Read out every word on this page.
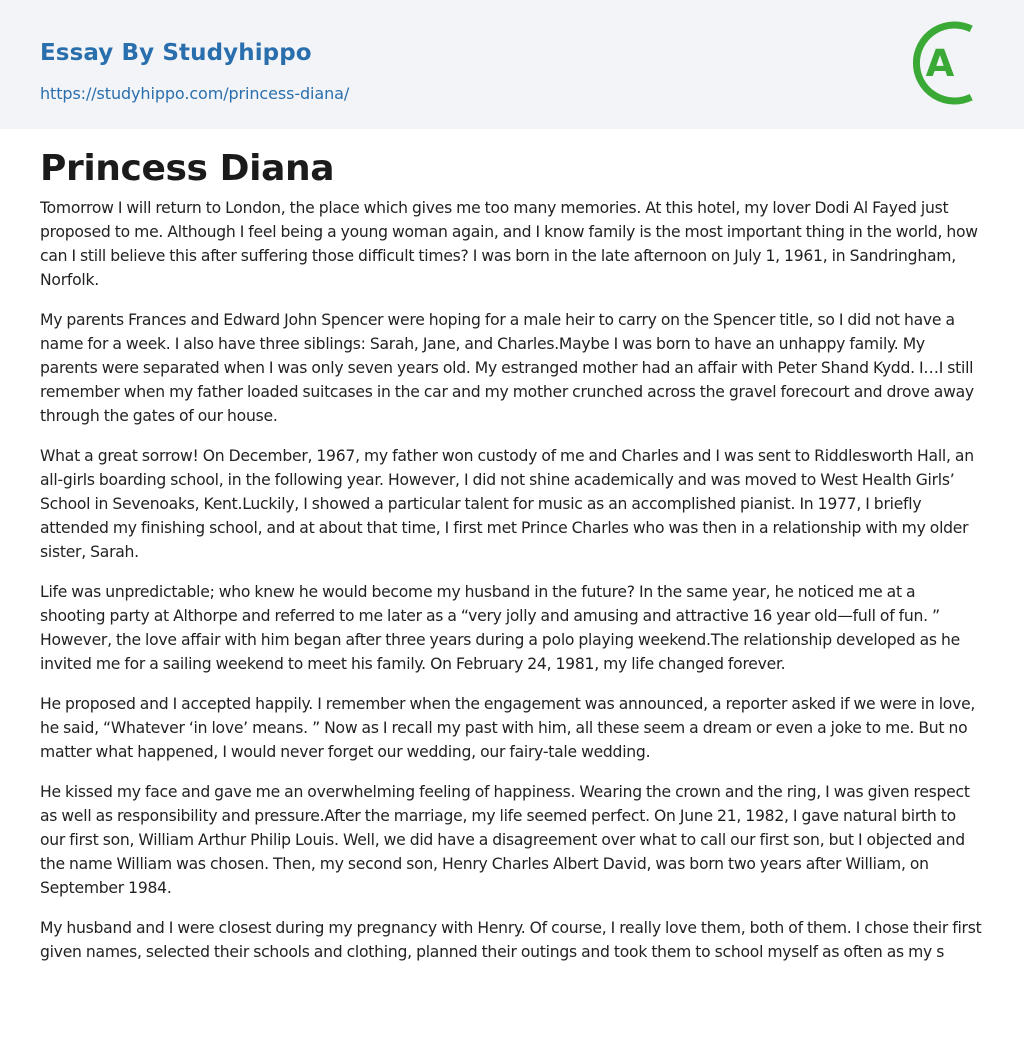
Essay By Studyhippo
https://studyhippo.com/princess-diana/
A
Princess Diana

Tomorrow I will return to London, the place which gives me too many memories. At this hotel, my lover Dodi Al Fayed just proposed to me. Although I feel being a young woman again, and I know family is the most important thing in the world, how can I still believe this after suffering those difficult times? I was born in the late afternoon on July 1, 1961, in Sandringham, Norfolk.

My parents Frances and Edward John Spencer were hoping for a male heir to carry on the Spencer title, so I did not have a name for a week. I also have three siblings: Sarah, Jane, and Charles.Maybe I was born to have an unhappy family. My parents were separated when I was only seven years old. My estranged mother had an affair with Peter Shand Kydd. I…I still remember when my father loaded suitcases in the car and my mother crunched across the gravel forecourt and drove away through the gates of our house.

What a great sorrow! On December, 1967, my father won custody of me and Charles and I was sent to Riddlesworth Hall, an all-girls boarding school, in the following year. However, I did not shine academically and was moved to West Health Girls’ School in Sevenoaks, Kent.Luckily, I showed a particular talent for music as an accomplished pianist. In 1977, I briefly attended my finishing school, and at about that time, I first met Prince Charles who was then in a relationship with my older sister, Sarah.

Life was unpredictable; who knew he would become my husband in the future? In the same year, he noticed me at a shooting party at Althorpe and referred to me later as a “very jolly and amusing and attractive 16 year old—full of fun. ” However, the love affair with him began after three years during a polo playing weekend.The relationship developed as he invited me for a sailing weekend to meet his family. On February 24, 1981, my life changed forever.

He proposed and I accepted happily. I remember when the engagement was announced, a reporter asked if we were in love, he said, “Whatever ‘in love’ means. ” Now as I recall my past with him, all these seem a dream or even a joke to me. But no matter what happened, I would never forget our wedding, our fairy-tale wedding.

He kissed my face and gave me an overwhelming feeling of happiness. Wearing the crown and the ring, I was given respect as well as responsibility and pressure.After the marriage, my life seemed perfect. On June 21, 1982, I gave natural birth to our first son, William Arthur Philip Louis. Well, we did have a disagreement over what to call our first son, but I objected and the name William was chosen. Then, my second son, Henry Charles Albert David, was born two years after William, on September 1984.

My husband and I were closest during my pregnancy with Henry. Of course, I really love them, both of them. I chose their first given names, selected their schools and clothing, planned their outings and took them to school myself as often as my s
